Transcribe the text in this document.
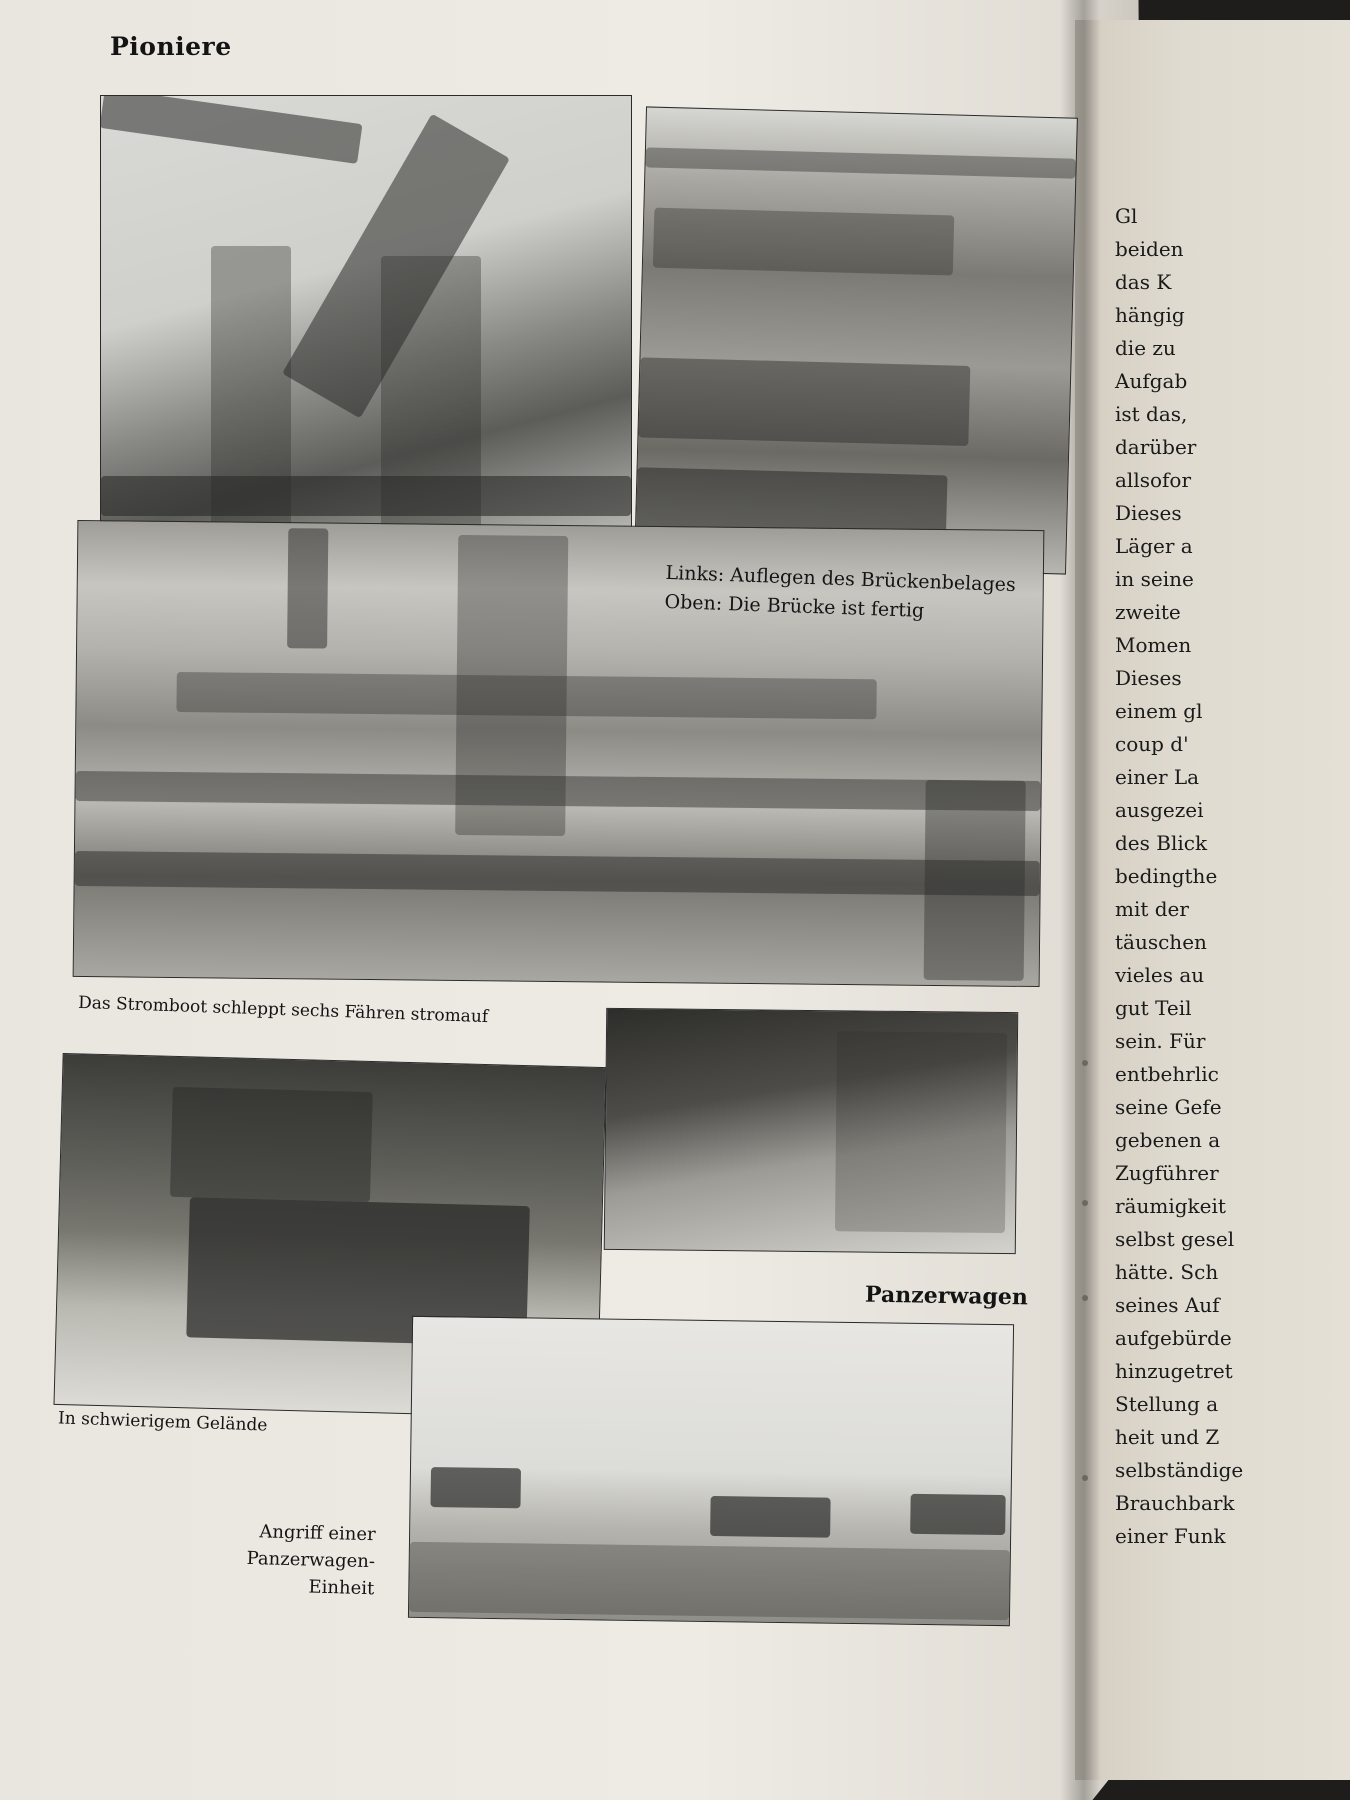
Pioniere
Links: Auflegen des Brückenbelages
Oben: Die Brücke ist fertig
Das Stromboot schleppt sechs Fähren stromauf
Panzerwagen
In schwierigem Gelände
Angriff einer Panzerwagen-
Einheit
Gl
beiden
das K
hängig
die zu
Aufgab
ist das,
darüber
allsofor
Dieses
Läger a
in seine
zweite
Momen
Dieses
einem gl
coup d'
einer La
ausgezei
des Blick
bedingthe
mit der
täuschen
vieles au
gut Teil
sein. Für
entbehrlic
seine Gefe
gebenen a
Zugführer
räumigkeit
selbst gesel
hätte. Sch
seines Auf
aufgebürde
hinzugetret
Stellung a
heit und Z
selbständige
Brauchbark
einer Funk
